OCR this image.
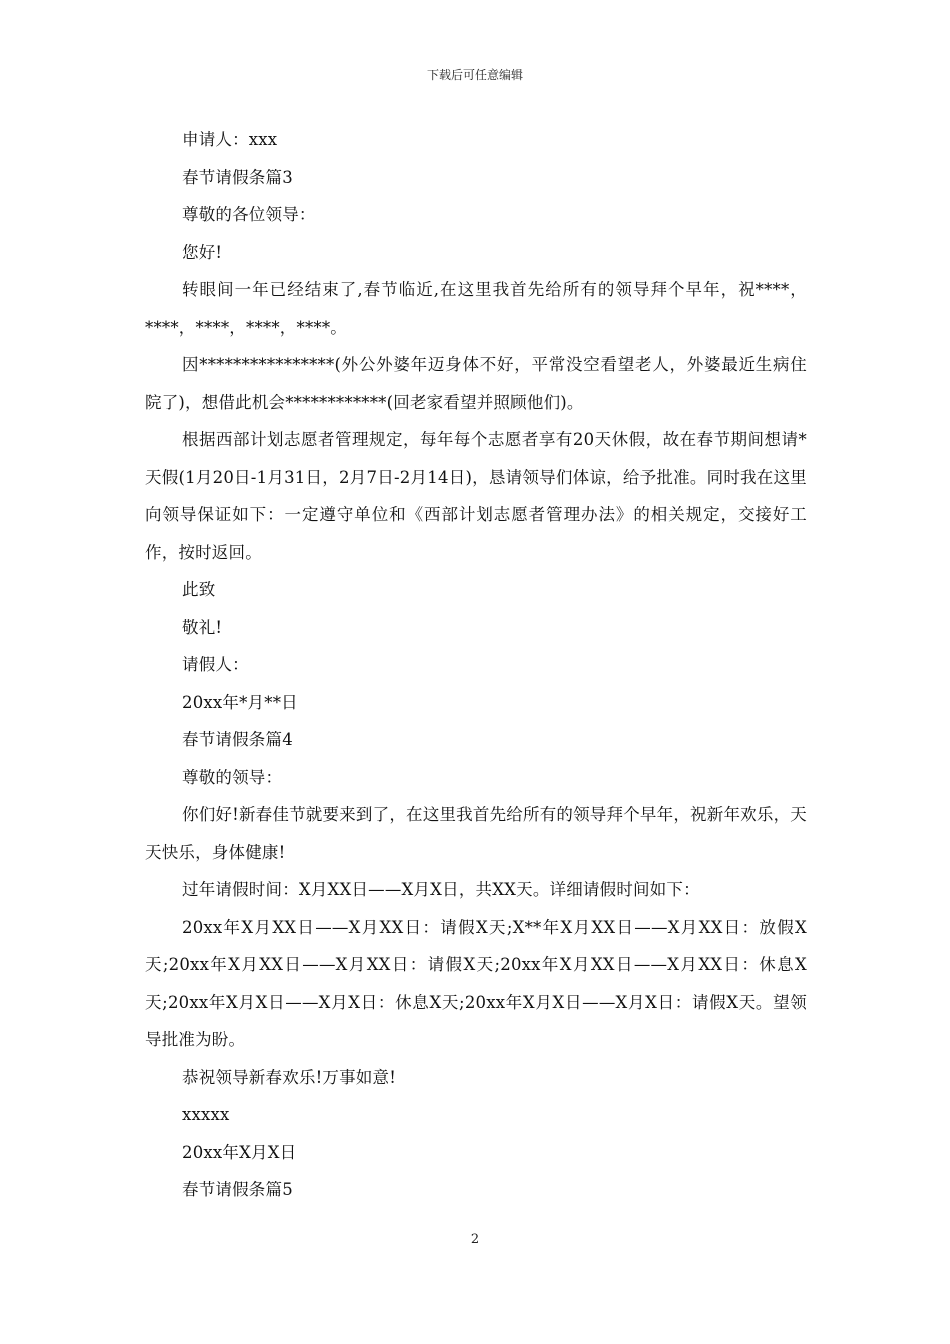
下载后可任意编辑

申请人：xxx

春节请假条篇3

尊敬的各位领导：

您好!

转眼间一年已经结束了,春节临近,在这里我首先给所有的领导拜个早年，祝****，****，****，****，****。

因****************(外公外婆年迈身体不好，平常没空看望老人，外婆最近生病住院了)，想借此机会************(回老家看望并照顾他们)。

根据西部计划志愿者管理规定，每年每个志愿者享有20天休假，故在春节期间想请*天假(1月20日-1月31日，2月7日-2月14日)，恳请领导们体谅，给予批准。同时我在这里向领导保证如下：一定遵守单位和《西部计划志愿者管理办法》的相关规定，交接好工作，按时返回。

此致

敬礼!

请假人：

20xx年*月**日

春节请假条篇4

尊敬的领导：

你们好!新春佳节就要来到了，在这里我首先给所有的领导拜个早年，祝新年欢乐，天天快乐，身体健康!

过年请假时间：X月XX日——X月X日，共XX天。详细请假时间如下：

20xx年X月XX日——X月XX日：请假X天;X**年X月XX日——X月XX日：放假X天;20xx年X月XX日——X月XX日：请假X天;20xx年X月XX日——X月XX日：休息X天;20xx年X月X日——X月X日：休息X天;20xx年X月X日——X月X日：请假X天。望领导批准为盼。

恭祝领导新春欢乐!万事如意!

xxxxx

20xx年X月X日

春节请假条篇5

2
